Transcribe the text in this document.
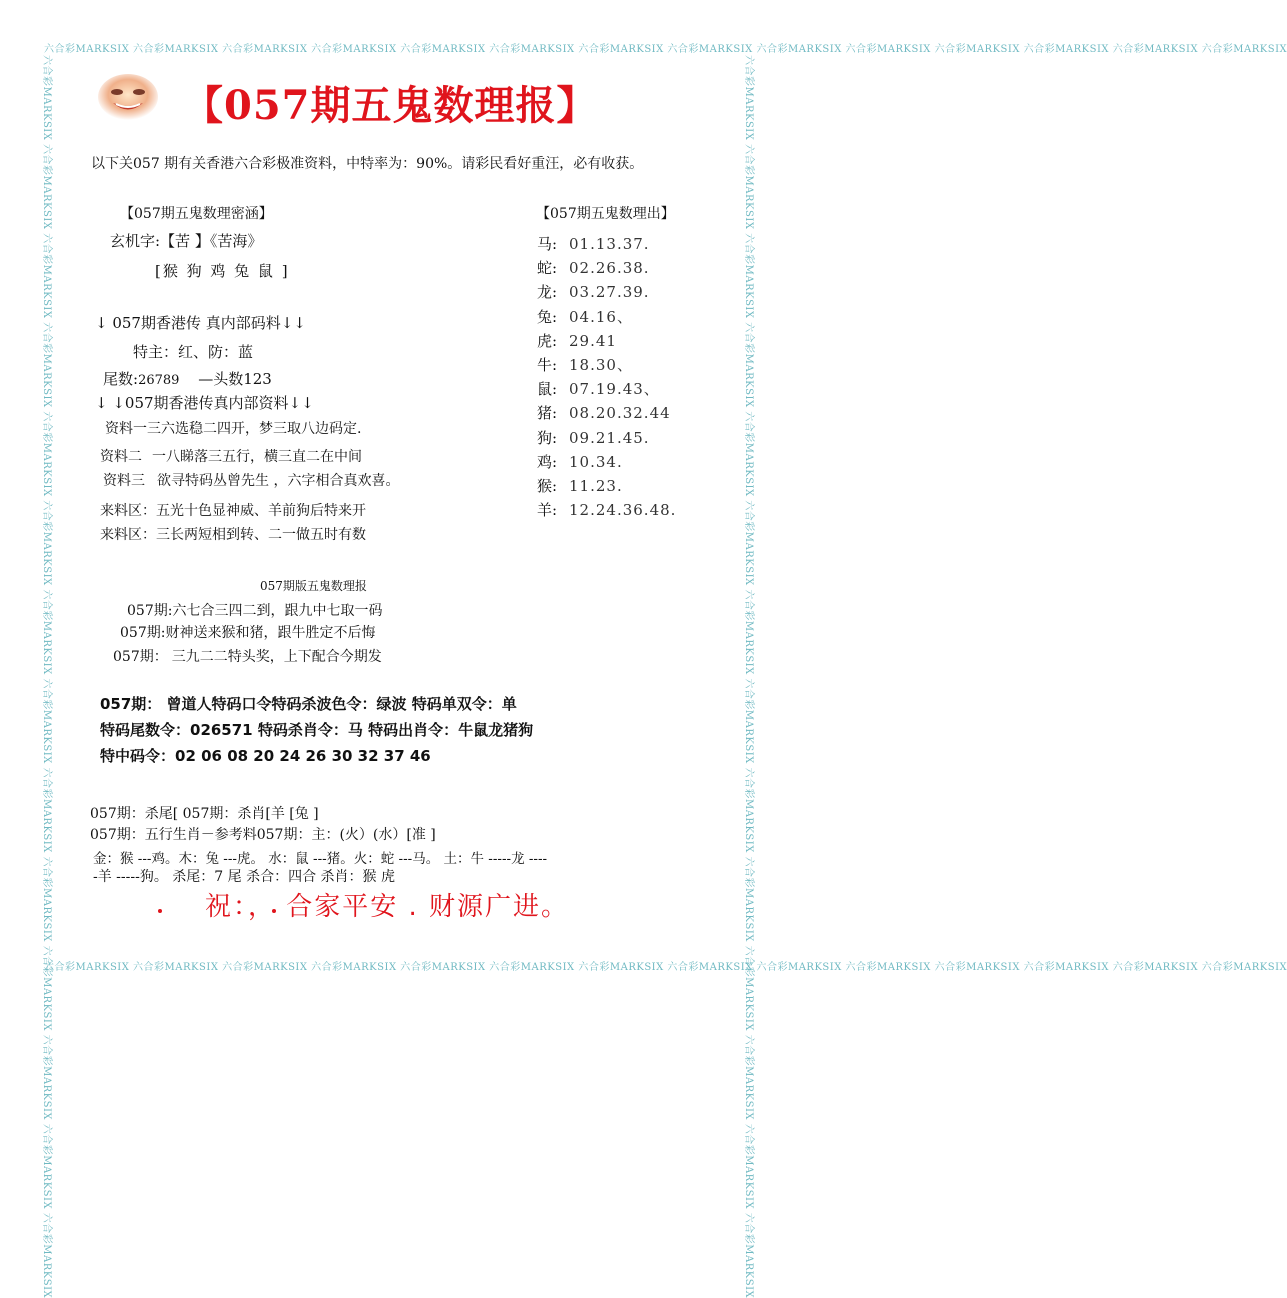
六合彩MARKSIX 六合彩MARKSIX 六合彩MARKSIX 六合彩MARKSIX 六合彩MARKSIX 六合彩MARKSIX 六合彩MARKSIX 六合彩MARKSIX 六合彩MARKSIX 六合彩MARKSIX 六合彩MARKSIX 六合彩MARKSIX 六合彩MARKSIX 六合彩MARKSIX
六合彩MARKSIX 六合彩MARKSIX 六合彩MARKSIX 六合彩MARKSIX 六合彩MARKSIX 六合彩MARKSIX 六合彩MARKSIX 六合彩MARKSIX 六合彩MARKSIX 六合彩MARKSIX 六合彩MARKSIX 六合彩MARKSIX 六合彩MARKSIX 六合彩MARKSIX
六合彩MARKSIX 六合彩MARKSIX 六合彩MARKSIX 六合彩MARKSIX 六合彩MARKSIX 六合彩MARKSIX 六合彩MARKSIX 六合彩MARKSIX 六合彩MARKSIX 六合彩MARKSIX 六合彩MARKSIX 六合彩MARKSIX 六合彩MARKSIX 六合彩MARKSIX	六合彩MARKSIX 六合彩MARKSIX 六合彩MARKSIX 六合彩MARKSIX 六合彩MARKSIX 六合彩MARKSIX 六合彩MARKSIX 六合彩MARKSIX 六合彩MARKSIX 六合彩MARKSIX 六合彩MARKSIX 六合彩MARKSIX 六合彩MARKSIX 六合彩MARKSIX
【057期五鬼数理报】
以下关057 期有关香港六合彩极准资料，中特率为：90%。请彩民看好重汪，必有收获。
【057期五鬼数理密涵】
玄机字:【苦 】《苦海》
[猴 狗 鸡 兔 鼠 ]
↓ 057期香港传 真内部码料↓↓
特主：红、防：蓝
尾数:26789 —头数123
↓ ↓057期香港传真内部资料↓↓
资料一三六选稳二四开，梦三取八边码定.
资料二 一八睇落三五行，横三直二在中间
资料三 欲寻特码丛曾先生 ，六字相合真欢喜。
来料区：五光十色显神威、羊前狗后特来开
来料区：三长两短相到转、二一做五时有数
057期版五鬼数理报
057期:六七合三四二到，跟九中七取一码
057期:财神送来猴和猪，跟牛胜定不后悔
057期： 三九二二特头奖，上下配合今期发
【057期五鬼数理出】
马: 01.13.37.
蛇: 02.26.38.
龙: 03.27.39.
兔: 04.16、
虎: 29.41
牛: 18.30、
鼠: 07.19.43、
猪: 08.20.32.44
狗: 09.21.45.
鸡: 10.34.
猴: 11.23.
羊: 12.24.36.48.
057期： 曾道人特码口令特码杀波色令：绿波 特码单双令：单
特码尾数令：026571 特码杀肖令：马 特码出肖令：牛鼠龙猪狗
特中码令：02 06 08 20 24 26 30 32 37 46
057期：杀尾[ 057期：杀肖[羊 [兔 ]
057期：五行生肖－参考料057期：主：(火）(水）[准 ]
金：猴 ---鸡。木：兔 ---虎。 水：鼠 ---猪。火：蛇 ---马。 土：牛 -----龙 ----
-羊 -----狗。 杀尾：7 尾 杀合：四合 杀肖：猴 虎
祝：， 合家平安 . 财源广进。
